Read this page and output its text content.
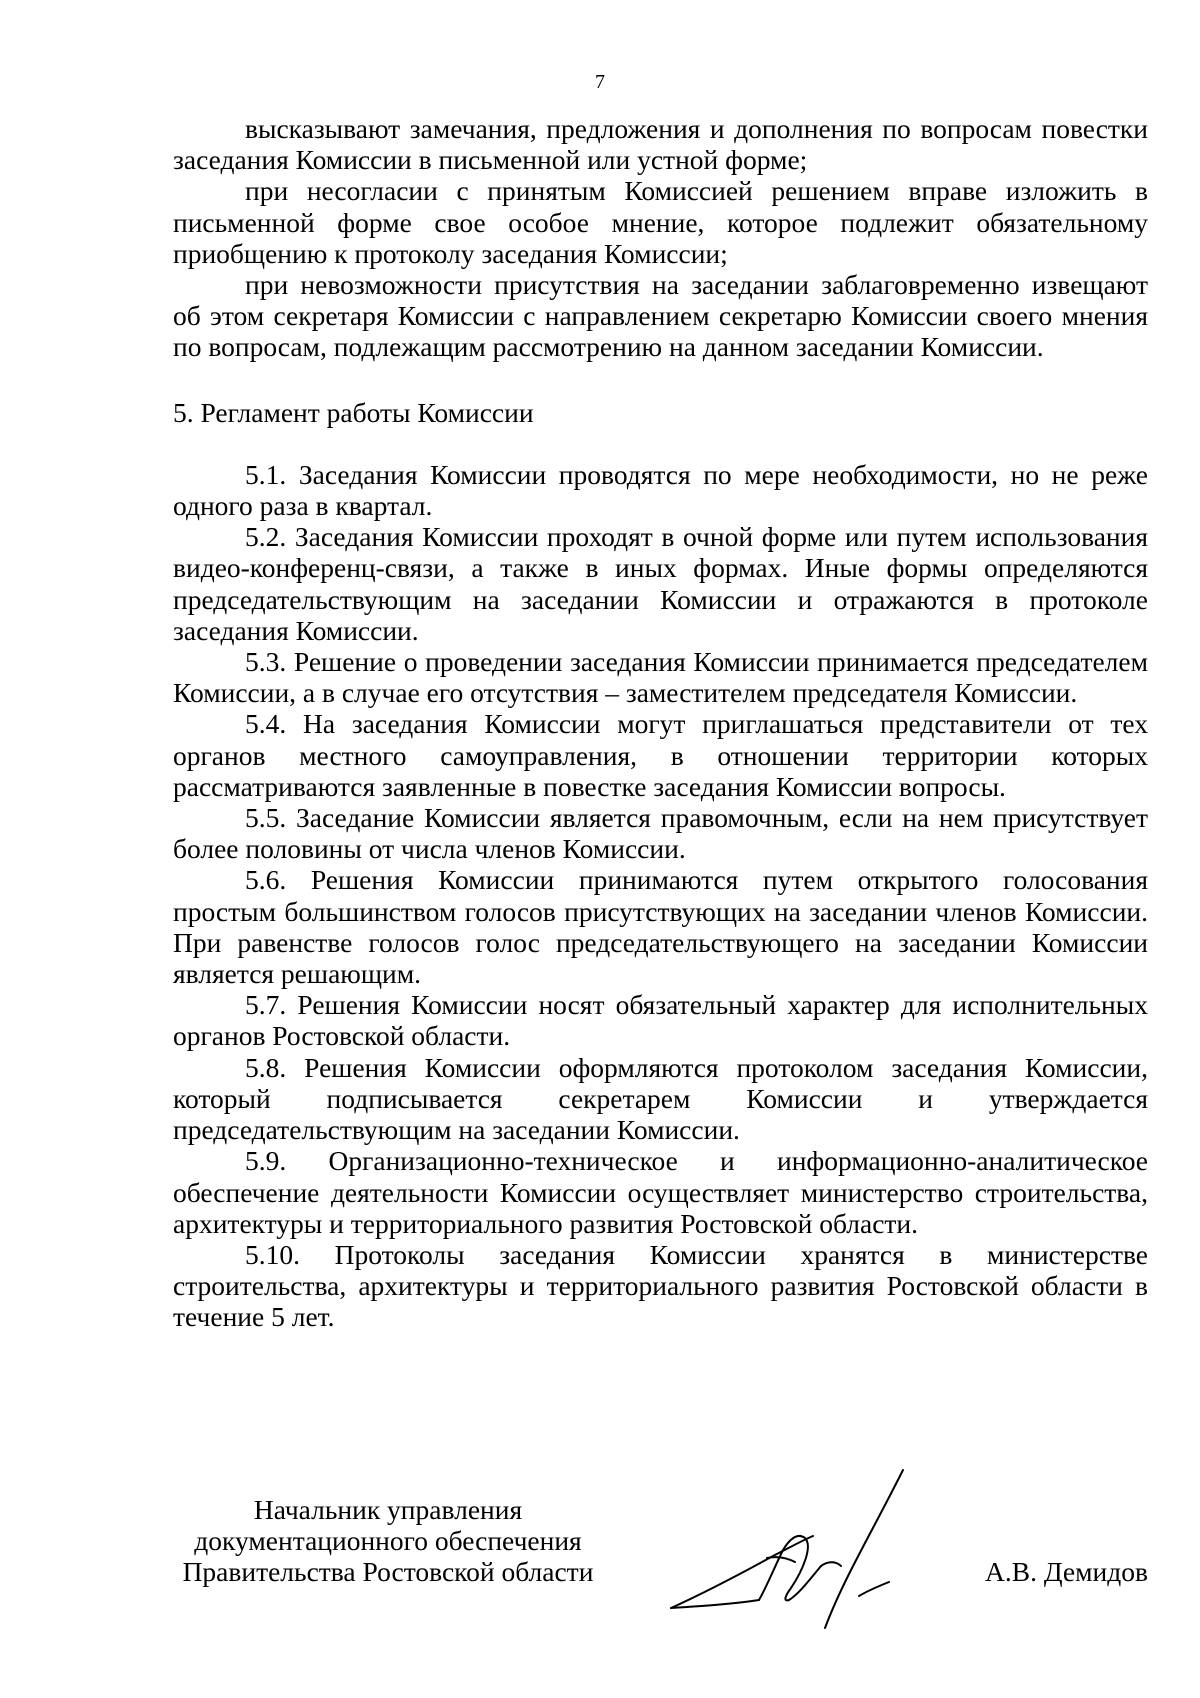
7

высказывают замечания, предложения и дополнения по вопросам повестки заседания Комиссии в письменной или устной форме;

при несогласии с принятым Комиссией решением вправе изложить в письменной форме свое особое мнение, которое подлежит обязательному приобщению к протоколу заседания Комиссии;

при невозможности присутствия на заседании заблаговременно извещают об этом секретаря Комиссии с направлением секретарю Комиссии своего мнения по вопросам, подлежащим рассмотрению на данном заседании Комиссии.

5. Регламент работы Комиссии

5.1. Заседания Комиссии проводятся по мере необходимости, но не реже одного раза в квартал.

5.2. Заседания Комиссии проходят в очной форме или путем использования видео-конференц-связи, а также в иных формах. Иные формы определяются председательствующим на заседании Комиссии и отражаются в протоколе заседания Комиссии.

5.3. Решение о проведении заседания Комиссии принимается председателем Комиссии, а в случае его отсутствия – заместителем председателя Комиссии.

5.4. На заседания Комиссии могут приглашаться представители от тех органов местного самоуправления, в отношении территории которых рассматриваются заявленные в повестке заседания Комиссии вопросы.

5.5. Заседание Комиссии является правомочным, если на нем присутствует более половины от числа членов Комиссии.

5.6. Решения Комиссии принимаются путем открытого голосования простым большинством голосов присутствующих на заседании членов Комиссии. При равенстве голосов голос председательствующего на заседании Комиссии является решающим.

5.7. Решения Комиссии носят обязательный характер для исполнительных органов Ростовской области.

5.8. Решения Комиссии оформляются протоколом заседания Комиссии, который подписывается секретарем Комиссии и утверждается председательствующим на заседании Комиссии.

5.9. Организационно-техническое и информационно-аналитическое обеспечение деятельности Комиссии осуществляет министерство строительства, архитектуры и территориального развития Ростовской области.

5.10. Протоколы заседания Комиссии хранятся в министерстве строительства, архитектуры и территориального развития Ростовской области в течение 5 лет.

Начальник управления
документационного обеспечения
Правительства Ростовской области	А.В. Демидов
